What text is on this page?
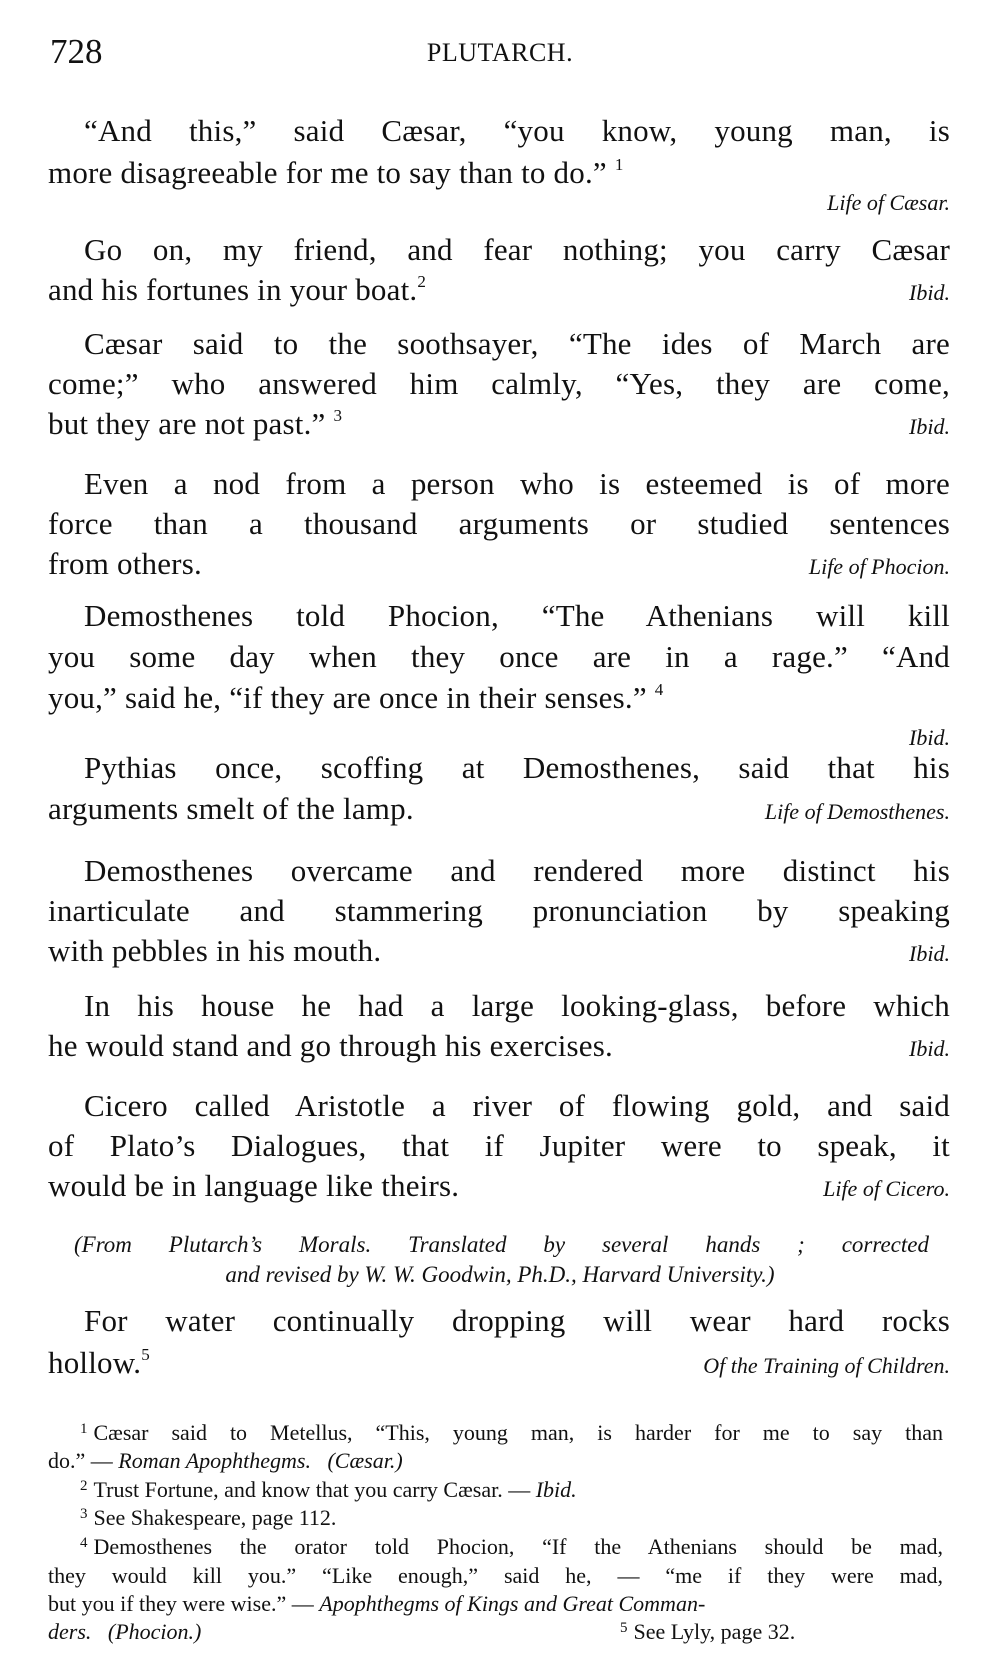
728	PLUTARCH.
“And this,” said Cæsar, “you know, young man, is
more disagreeable for me to say than to do.” $^1$
Life of Cæsar.
Go on, my friend, and fear nothing; you carry Cæsar
and his fortunes in your boat.$^2$	Ibid.
Cæsar said to the soothsayer, “The ides of March are
come;” who answered him calmly, “Yes, they are come,
but they are not past.” $^3$	Ibid.
Even a nod from a person who is esteemed is of more
force than a thousand arguments or studied sentences
from others.	Life of Phocion.
Demosthenes told Phocion, “The Athenians will kill
you some day when they once are in a rage.” “And
you,” said he, “if they are once in their senses.” $^4$
Ibid.
Pythias once, scoffing at Demosthenes, said that his
arguments smelt of the lamp.	Life of Demosthenes.
Demosthenes overcame and rendered more distinct his
inarticulate and stammering pronunciation by speaking
with pebbles in his mouth.	Ibid.
In his house he had a large looking-glass, before which
he would stand and go through his exercises.	Ibid.
Cicero called Aristotle a river of flowing gold, and said
of Plato’s Dialogues, that if Jupiter were to speak, it
would be in language like theirs.	Life of Cicero.
(From Plutarch’s Morals. Translated by several hands ; corrected
and revised by W. W. Goodwin, Ph.D., Harvard University.)
For water continually dropping will wear hard rocks
hollow.$^5$	Of the Training of Children.
$^1$ Cæsar said to Metellus, “This, young man, is harder for me to say than
do.” — Roman Apophthegms. (Cæsar.)
$^2$ Trust Fortune, and know that you carry Cæsar. — Ibid.
$^3$ See Shakespeare, page 112.
$^4$ Demosthenes the orator told Phocion, “If the Athenians should be mad,
they would kill you.” “Like enough,” said he, — “me if they were mad,
but you if they were wise.” — Apophthegms of Kings and Great Comman-
ders. (Phocion.)	$^5$ See Lyly, page 32.
